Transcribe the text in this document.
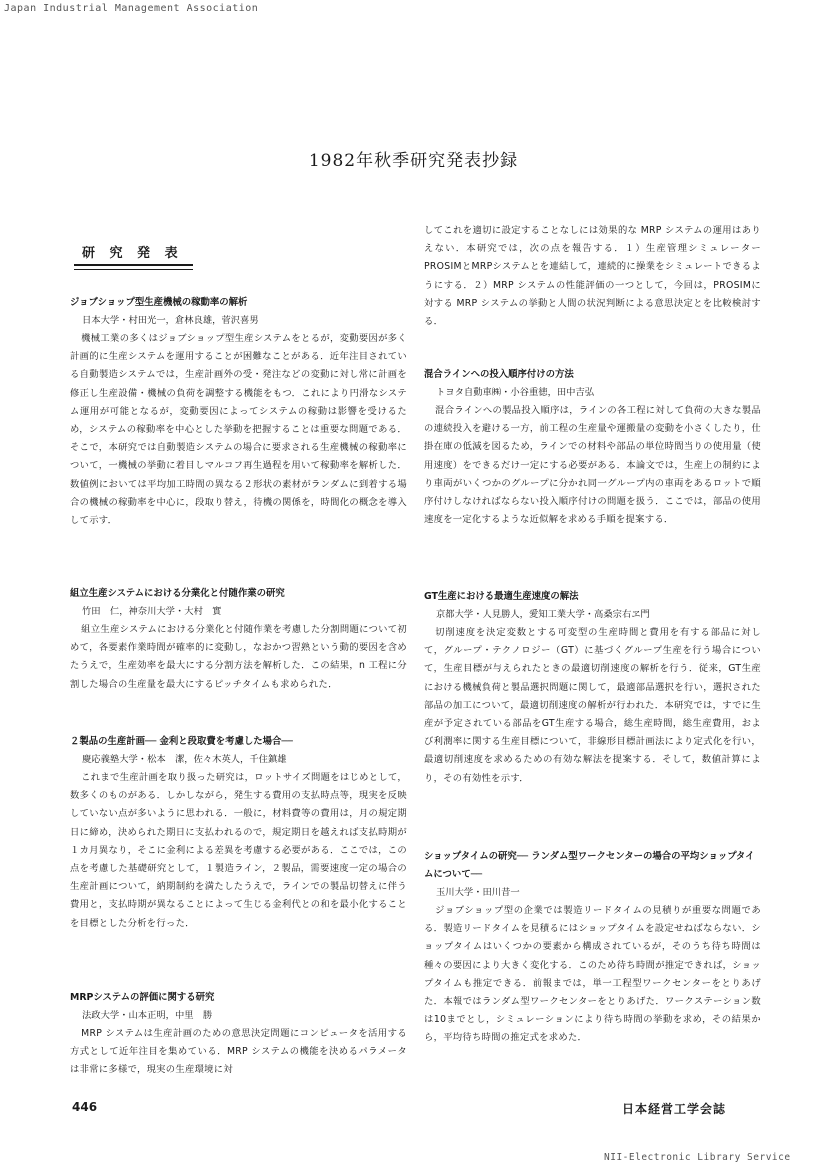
Japan Industrial Management Association
1982年秋季研究発表抄録
研 究 発 表
ジョブショップ型生産機械の稼動率の解析
日本大学・村田光一，倉林良雄，菅沢喜男
機械工業の多くはジョブショップ型生産システムをとるが，変動要因が多く計画的に生産システムを運用することが困難なことがある．近年注目されている自動製造システムでは，生産計画外の受・発注などの変動に対し常に計画を修正し生産設備・機械の負荷を調整する機能をもつ．これにより円滑なシステム運用が可能となるが，変動要因によってシステムの稼動は影響を受けるため，システムの稼動率を中心とした挙動を把握することは重要な問題である．そこで，本研究では自動製造システムの場合に要求される生産機械の稼動率について，一機械の挙動に着目しマルコフ再生過程を用いて稼動率を解析した．数値例においては平均加工時間の異なる２形状の素材がランダムに到着する場合の機械の稼動率を中心に，段取り替え，待機の関係を，時間化の概念を導入して示す．
組立生産システムにおける分業化と付随作業の研究
竹田　仁，神奈川大学・大村　實
組立生産システムにおける分業化と付随作業を考慮した分割問題について初めて，各要素作業時間が確率的に変動し，なおかつ習熟という動的要因を含めたうえで，生産効率を最大にする分割方法を解析した．この結果，n 工程に分割した場合の生産量を最大にするピッチタイムも求められた．
２製品の生産計画── 金利と段取費を考慮した場合──
慶応義塾大学・松本　潔，佐々木英人，千住鎮雄
これまで生産計画を取り扱った研究は，ロットサイズ問題をはじめとして，数多くのものがある．しかしながら，発生する費用の支払時点等，現実を反映していない点が多いように思われる．一般に，材料費等の費用は，月の規定期日に締め，決められた期日に支払われるので，規定期日を越えれば支払時期が１カ月異なり，そこに金利による差異を考慮する必要がある．ここでは，この点を考慮した基礎研究として，１製造ライン，２製品，需要速度一定の場合の生産計画について，納期制約を満たしたうえで，ラインでの製品切替えに伴う費用と，支払時期が異なることによって生じる金利代との和を最小化することを目標とした分析を行った．
MRPシステムの評価に関する研究
法政大学・山本正明，中里　勝
MRP システムは生産計画のための意思決定問題にコンピュータを活用する方式として近年注目を集めている．MRP システムの機能を決めるパラメータは非常に多様で，現実の生産環境に対
してこれを適切に設定することなしには効果的な MRP システムの運用はありえない．本研究では，次の点を報告する．１）生産管理シミュレーターPROSIMとMRPシステムとを連結して，連続的に操業をシミュレートできるようにする．２）MRP システムの性能評価の一つとして，今回は，PROSIMに対する MRP システムの挙動と人間の状況判断による意思決定とを比較検討する．
混合ラインへの投入順序付けの方法
トヨタ自動車㈱・小谷重徳，田中吉弘
混合ラインへの製品投入順序は，ラインの各工程に対して負荷の大きな製品の連続投入を避ける一方，前工程の生産量や運搬量の変動を小さくしたり，仕掛在庫の低減を図るため，ラインでの材料や部品の単位時間当りの使用量（使用速度）をできるだけ一定にする必要がある．本論文では，生産上の制約により車両がいくつかのグループに分かれ同一グループ内の車両をあるロットで順序付けしなければならない投入順序付けの問題を扱う．ここでは，部品の使用速度を一定化するような近似解を求める手順を提案する．
GT生産における最適生産速度の解法
京都大学・人見勝人，愛知工業大学・高桑宗右ヱ門
切削速度を決定変数とする可変型の生産時間と費用を有する部品に対して，グループ・テクノロジー（GT）に基づくグループ生産を行う場合について，生産目標が与えられたときの最適切削速度の解析を行う．従来，GT生産における機械負荷と製品選択問題に関して，最適部品選択を行い，選択された部品の加工について，最適切削速度の解析が行われた．本研究では，すでに生産が予定されている部品をGT生産する場合，総生産時間，総生産費用，および利潤率に関する生産目標について，非線形目標計画法により定式化を行い，最適切削速度を求めるための有効な解法を提案する．そして，数値計算により，その有効性を示す．
ショップタイムの研究── ランダム型ワークセンターの場合の平均ショップタイムについて──
玉川大学・田川昔一
ジョブショップ型の企業では製造リードタイムの見積りが重要な問題である．製造リードタイムを見積るにはショップタイムを設定せねばならない．ショップタイムはいくつかの要素から構成されているが，そのうち待ち時間は種々の要因により大きく変化する．このため待ち時間が推定できれば，ショップタイムも推定できる．前報までは，単一工程型ワークセンターをとりあげた．本報ではランダム型ワークセンターをとりあげた．ワークステーション数は10までとし，シミュレーションにより待ち時間の挙動を求め，その結果から，平均待ち時間の推定式を求めた．
446	日本経営工学会誌
NII-Electronic Library Service
